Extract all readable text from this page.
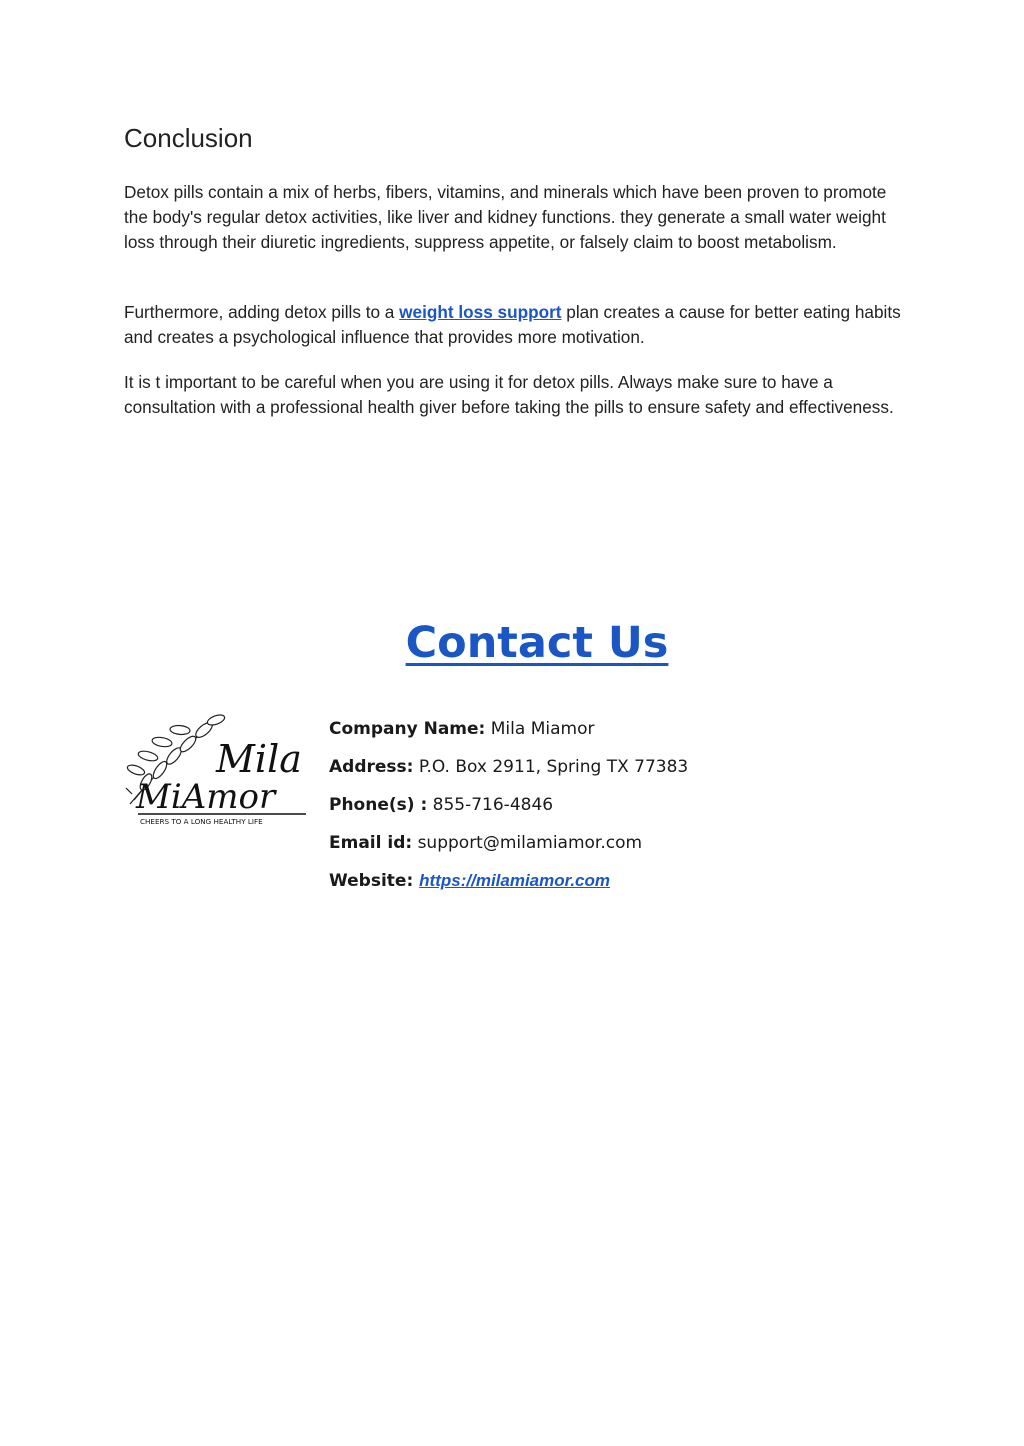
Conclusion

Detox pills contain a mix of herbs, fibers, vitamins, and minerals which have been proven to promote the body's regular detox activities, like liver and kidney functions. they generate a small water weight loss through their diuretic ingredients, suppress appetite, or falsely claim to boost metabolism.

Furthermore, adding detox pills to a weight loss support plan creates a cause for better eating habits and creates a psychological influence that provides more motivation.

It is t important to be careful when you are using it for detox pills. Always make sure to have a consultation with a professional health giver before taking the pills to ensure safety and effectiveness.

Contact Us
Mila
MiAmor
CHEERS TO A LONG HEALTHY LIFE
Company Name: Mila Miamor
Address: P.O. Box 2911, Spring TX 77383
Phone(s) : 855-716-4846
Email id: support@milamiamor.com
Website: https://milamiamor.com
